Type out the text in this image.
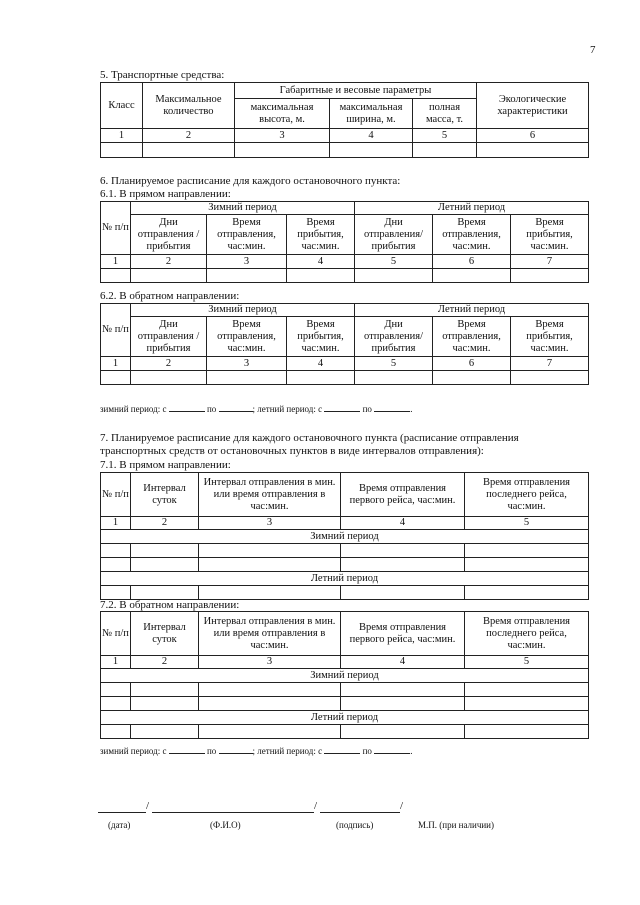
7
5. Транспортные средства:
Класс	Максимальное количество	Габаритные и весовые параметры			Экологические характеристики
		максимальная высота, м.	максимальная ширина, м.	полная масса, т.	
1	2	3	4	5	6

6. Планируемое расписание для каждого остановочного пункта:
6.1. В прямом направлении:
№ п/п	Зимний период			Летний период		
	Дни отправления /прибытия	Время отправления, час:мин.	Время прибытия, час:мин.	Дни отправления/ прибытия	Время отправления, час:мин.	Время прибытия, час:мин.
1	2	3	4	5	6	7

6.2. В обратном направлении:
№ п/п	Зимний период			Летний период		
	Дни отправления /прибытия	Время отправления, час:мин.	Время прибытия, час:мин.	Дни отправления/ прибытия	Время отправления, час:мин.	Время прибытия, час:мин.
1	2	3	4	5	6	7

зимний период: с	по	; летний период: с	по	.
7. Планируемое расписание для каждого остановочного пункта (расписание отправления
транспортных средств от остановочных пунктов в виде интервалов отправления):
7.1. В прямом направлении:
№ п/п	Интервал суток	Интервал отправления в мин. или время отправления в час:мин.	Время отправления первого рейса, час:мин.	Время отправления последнего рейса, час:мин.
1	2	3	4	5
Зимний период				

Летний период				

7.2. В обратном направлении:
№ п/п	Интервал суток	Интервал отправления в мин. или время отправления в час:мин.	Время отправления первого рейса, час:мин.	Время отправления последнего рейса, час:мин.
1	2	3	4	5
Зимний период				

Летний период				

зимний период: с	по	; летний период: с	по	.
/	/	/
(дата)	(Ф.И.О)	(подпись)	М.П. (при наличии)
